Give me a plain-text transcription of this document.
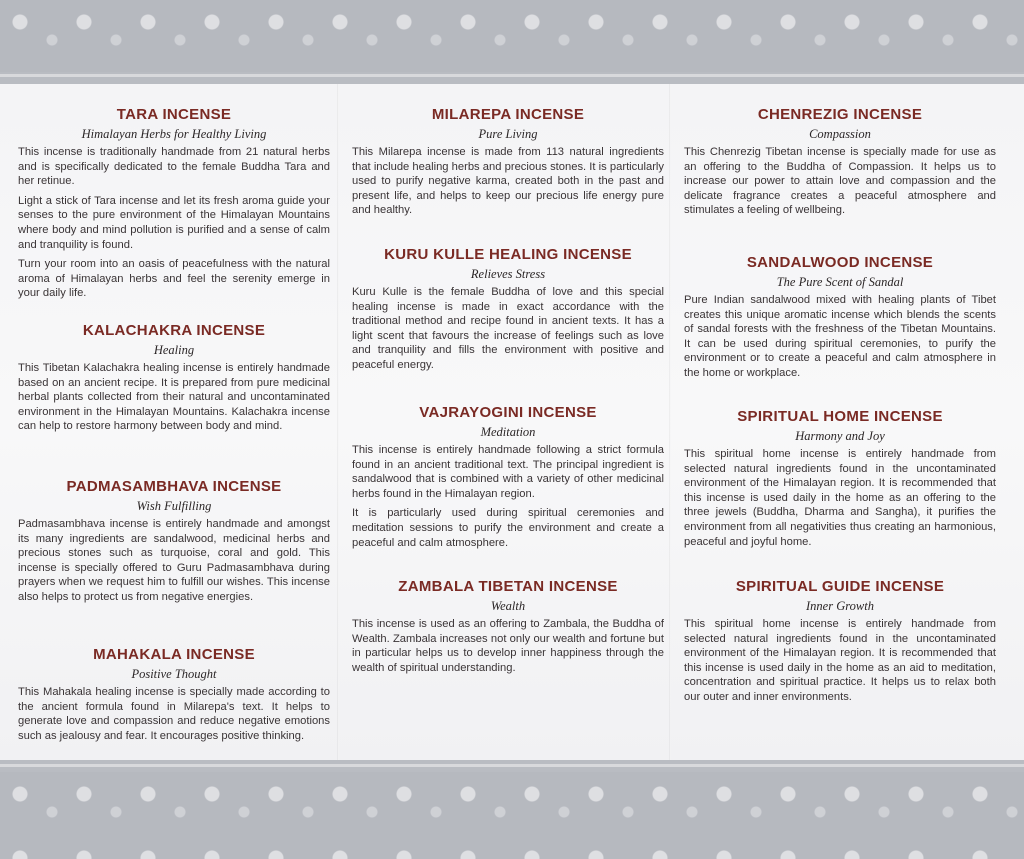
TARA INCENSE
Himalayan Herbs for Healthy Living

This incense is traditionally handmade from 21 natural herbs and is specifically dedicated to the female Buddha Tara and her retinue.

Light a stick of Tara incense and let its fresh aroma guide your senses to the pure environment of the Himalayan Mountains where body and mind pollution is purified and a sense of calm and tranquility is found.

Turn your room into an oasis of peacefulness with the natural aroma of Himalayan herbs and feel the serenity emerge in your daily life.

KALACHAKRA INCENSE
Healing

This Tibetan Kalachakra healing incense is entirely handmade based on an ancient recipe. It is prepared from pure medicinal herbal plants collected from their natural and uncontaminated environment in the Himalayan Mountains. Kalachakra incense can help to restore harmony between body and mind.

PADMASAMBHAVA INCENSE
Wish Fulfilling

Padmasambhava incense is entirely handmade and amongst its many ingredients are sandalwood, medicinal herbs and precious stones such as turquoise, coral and gold. This incense is specially offered to Guru Padmasambhava during prayers when we request him to fulfill our wishes. This incense also helps to protect us from negative energies.

MAHAKALA INCENSE
Positive Thought

This Mahakala healing incense is specially made according to the ancient formula found in Milarepa's text. It helps to generate love and compassion and reduce negative emotions such as jealousy and fear. It encourages positive thinking.

MILAREPA INCENSE
Pure Living

This Milarepa incense is made from 113 natural ingredients that include healing herbs and precious stones. It is particularly used to purify negative karma, created both in the past and present life, and helps to keep our precious life energy pure and healthy.

KURU KULLE HEALING INCENSE
Relieves Stress

Kuru Kulle is the female Buddha of love and this special healing incense is made in exact accordance with the traditional method and recipe found in ancient texts. It has a light scent that favours the increase of feelings such as love and tranquility and fills the environment with positive and peaceful energy.

VAJRAYOGINI INCENSE
Meditation

This incense is entirely handmade following a strict formula found in an ancient traditional text. The principal ingredient is sandalwood that is combined with a variety of other medicinal herbs found in the Himalayan region.

It is particularly used during spiritual ceremonies and meditation sessions to purify the environment and create a peaceful and calm atmosphere.

ZAMBALA TIBETAN INCENSE
Wealth

This incense is used as an offering to Zambala, the Buddha of Wealth. Zambala increases not only our wealth and fortune but in particular helps us to develop inner happiness through the wealth of spiritual understanding.

CHENREZIG INCENSE
Compassion

This Chenrezig Tibetan incense is specially made for use as an offering to the Buddha of Compassion. It helps us to increase our power to attain love and compassion and the delicate fragrance creates a peaceful atmosphere and stimulates a feeling of wellbeing.

SANDALWOOD INCENSE
The Pure Scent of Sandal

Pure Indian sandalwood mixed with healing plants of Tibet creates this unique aromatic incense which blends the scents of sandal forests with the freshness of the Tibetan Mountains. It can be used during spiritual ceremonies, to purify the environment or to create a peaceful and calm atmosphere in the home or workplace.

SPIRITUAL HOME INCENSE
Harmony and Joy

This spiritual home incense is entirely handmade from selected natural ingredients found in the uncontaminated environment of the Himalayan region. It is recommended that this incense is used daily in the home as an offering to the three jewels (Buddha, Dharma and Sangha), it purifies the environment from all negativities thus creating an harmonious, peaceful and joyful home.

SPIRITUAL GUIDE INCENSE
Inner Growth

This spiritual home incense is entirely handmade from selected natural ingredients found in the uncontaminated environment of the Himalayan region. It is recommended that this incense is used daily in the home as an aid to meditation, concentration and spiritual practice. It helps us to relax both our outer and inner environments.
